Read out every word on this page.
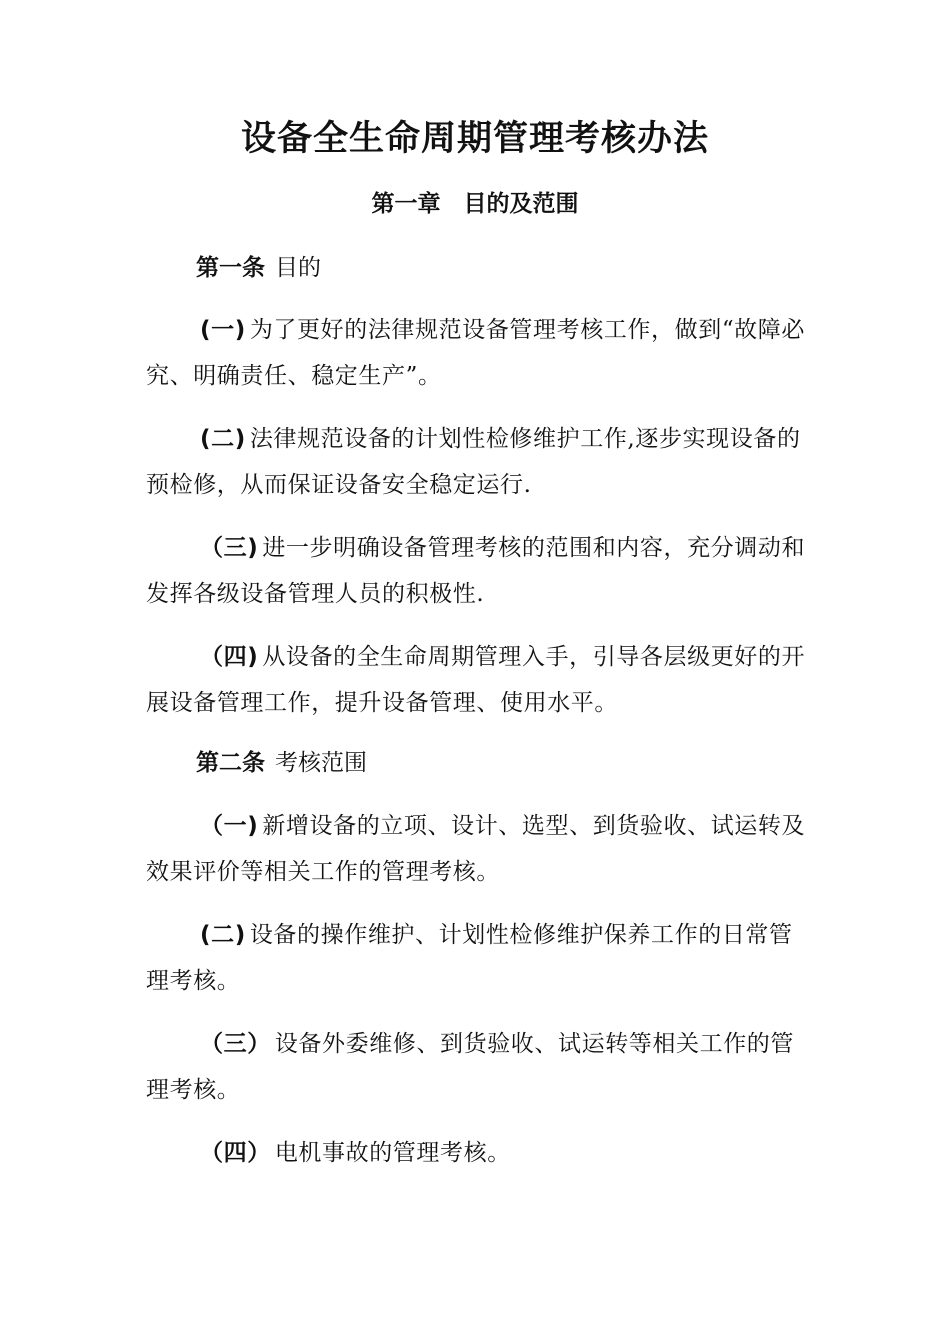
设备全生命周期管理考核办法
第一章　目的及范围

第一条 目的

(一) 为了更好的法律规范设备管理考核工作，做到“故障必究、明确责任、稳定生产”。

(二) 法律规范设备的计划性检修维护工作,逐步实现设备的预检修，从而保证设备安全稳定运行.

（三) 进一步明确设备管理考核的范围和内容，充分调动和发挥各级设备管理人员的积极性.

（四) 从设备的全生命周期管理入手，引导各层级更好的开展设备管理工作，提升设备管理、使用水平。

第二条 考核范围

（一) 新增设备的立项、设计、选型、到货验收、试运转及效果评价等相关工作的管理考核。

(二) 设备的操作维护、计划性检修维护保养工作的日常管理考核。

（三） 设备外委维修、到货验收、试运转等相关工作的管理考核。

（四） 电机事故的管理考核。
